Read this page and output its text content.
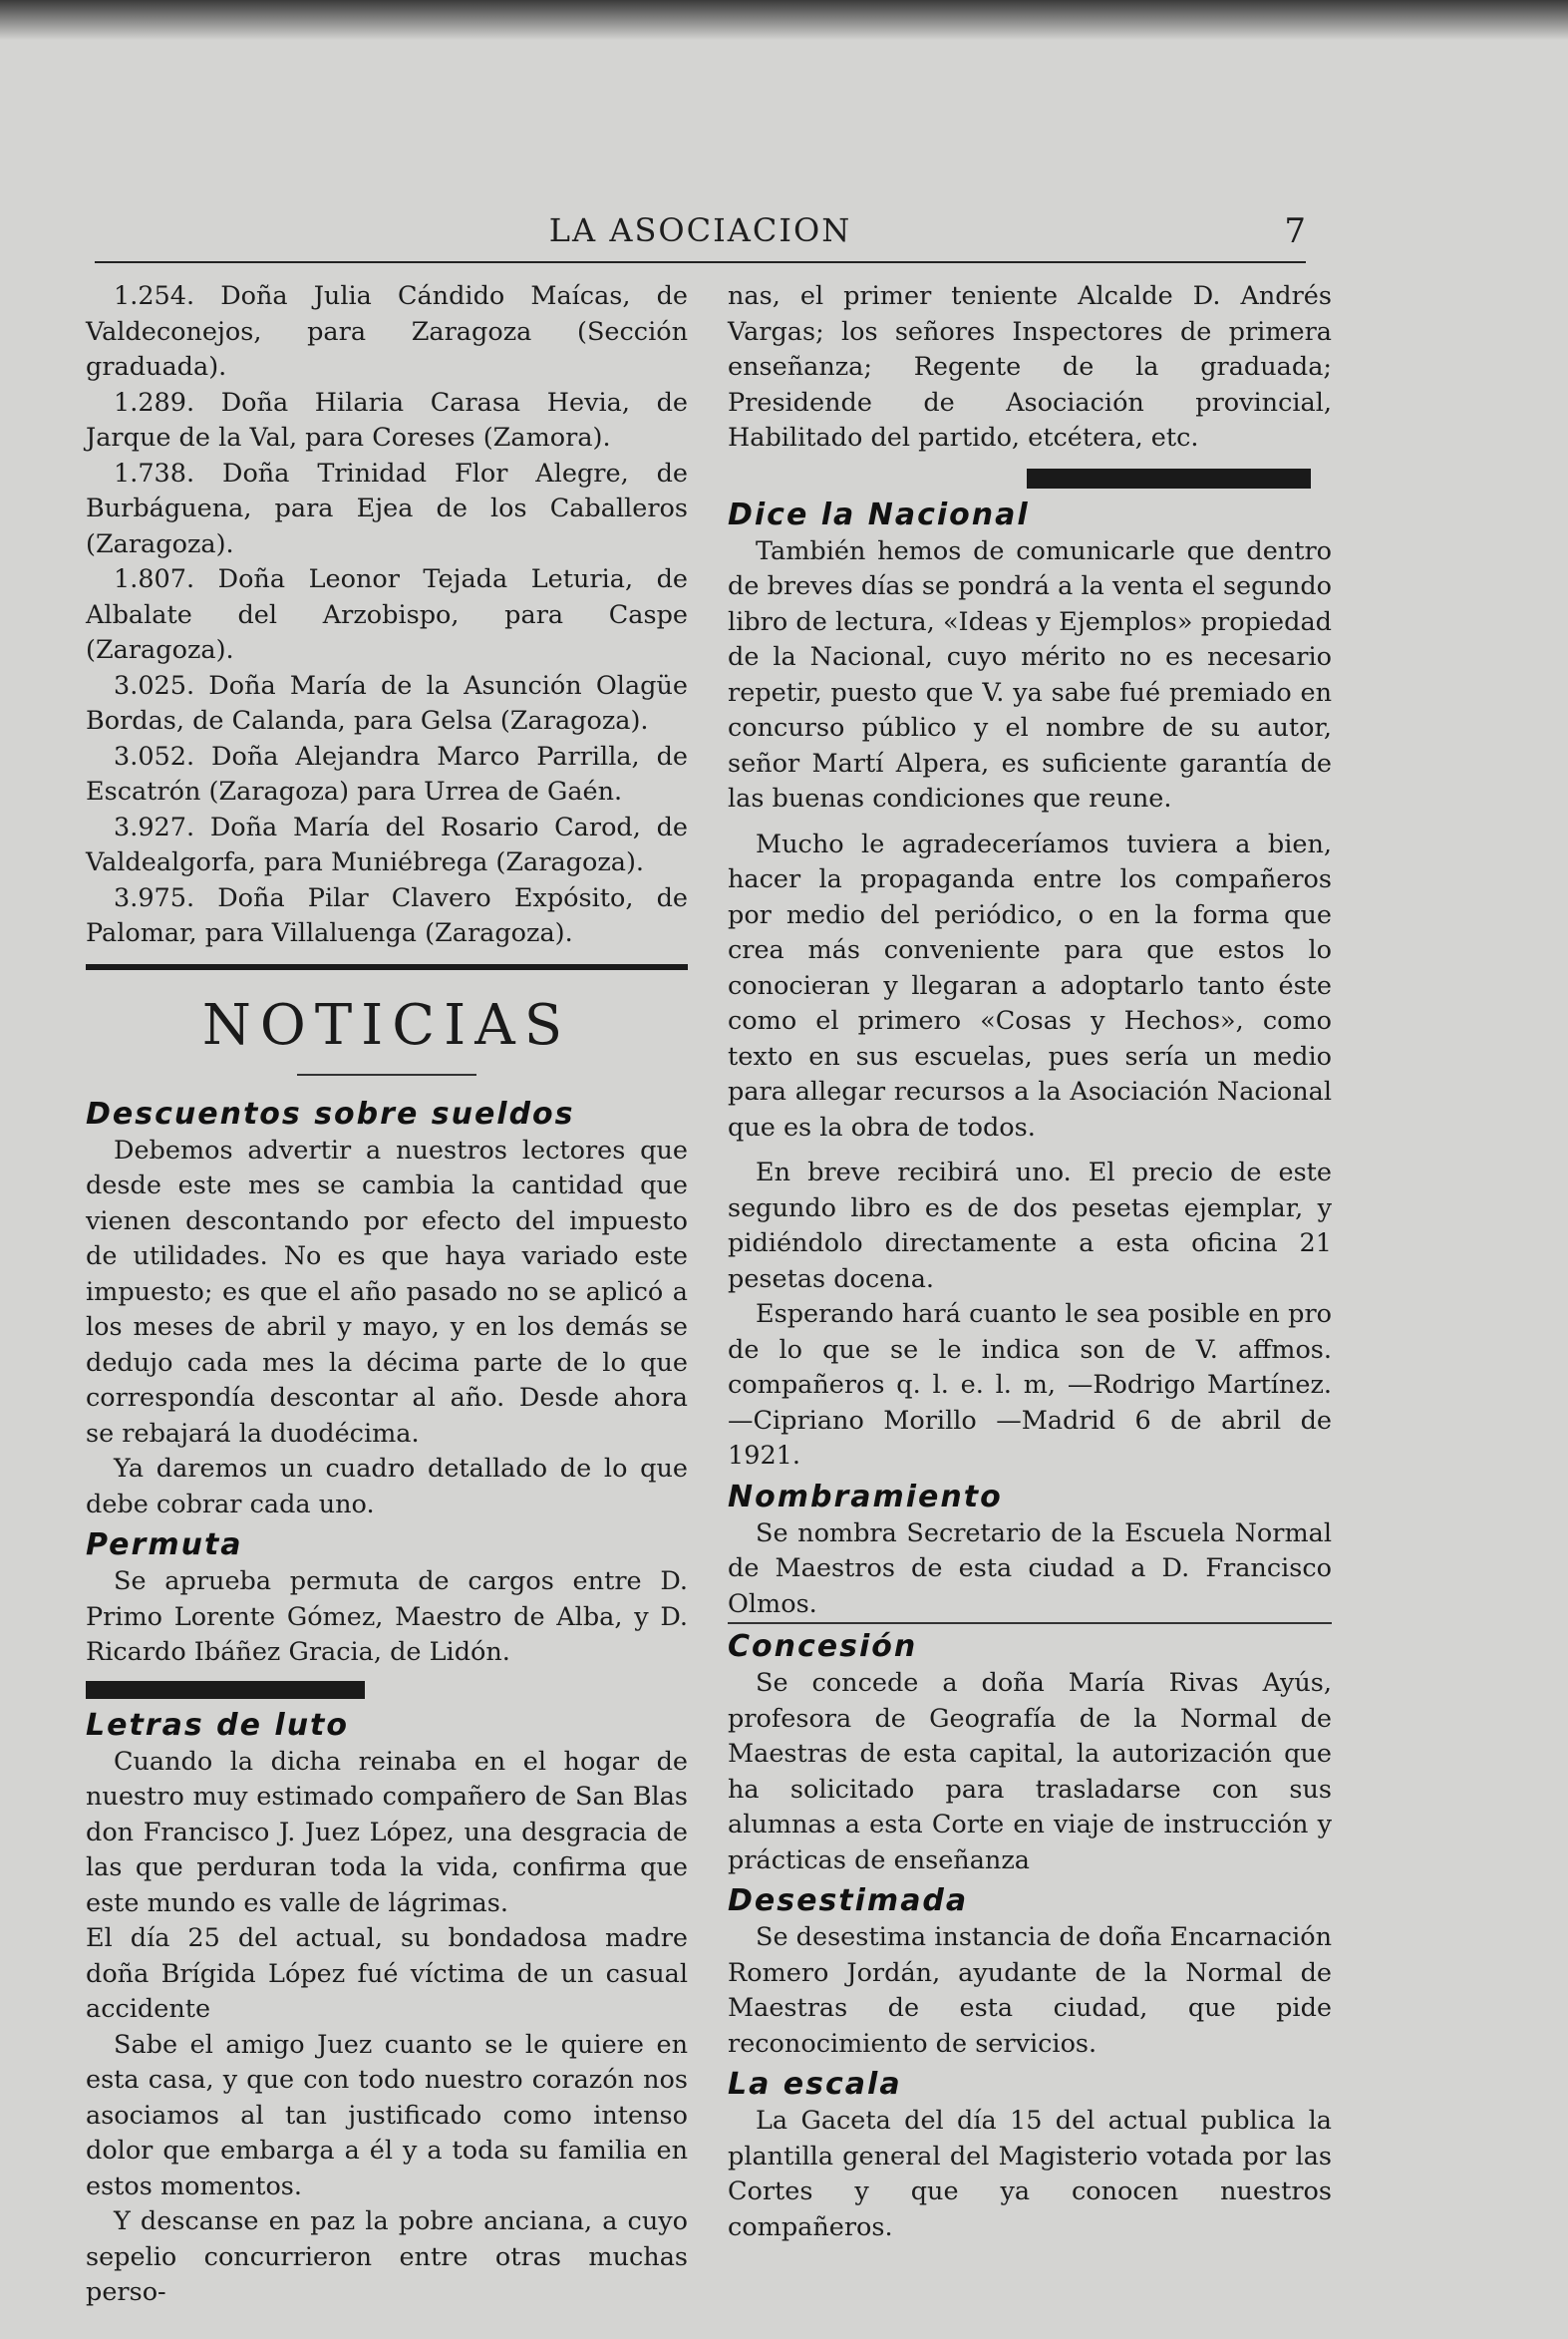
LA ASOCIACION	7

1.254. Doña Julia Cándido Maícas, de Valdeconejos, para Zaragoza (Sección graduada).

1.289. Doña Hilaria Carasa Hevia, de Jarque de la Val, para Coreses (Zamora).

1.738. Doña Trinidad Flor Alegre, de Burbáguena, para Ejea de los Caballeros (Zaragoza).

1.807. Doña Leonor Tejada Leturia, de Albalate del Arzobispo, para Caspe (Zaragoza).

3.025. Doña María de la Asunción Olagüe Bordas, de Calanda, para Gelsa (Zaragoza).

3.052. Doña Alejandra Marco Parrilla, de Escatrón (Zaragoza) para Urrea de Gaén.

3.927. Doña María del Rosario Carod, de Valdealgorfa, para Muniébrega (Zaragoza).

3.975. Doña Pilar Clavero Expósito, de Palomar, para Villaluenga (Zaragoza).

NOTICIAS
Descuentos sobre sueldos

Debemos advertir a nuestros lectores que desde este mes se cambia la cantidad que vienen descontando por efecto del impuesto de utilidades. No es que haya variado este impuesto; es que el año pasado no se aplicó a los meses de abril y mayo, y en los demás se dedujo cada mes la décima parte de lo que correspondía descontar al año. Desde ahora se rebajará la duodécima.

Ya daremos un cuadro detallado de lo que debe cobrar cada uno.

Permuta

Se aprueba permuta de cargos entre D. Primo Lorente Gómez, Maestro de Alba, y D. Ricardo Ibáñez Gracia, de Lidón.

Letras de luto

Cuando la dicha reinaba en el hogar de nuestro muy estimado compañero de San Blas don Francisco J. Juez López, una desgracia de las que perduran toda la vida, confirma que este mundo es valle de lágrimas.

El día 25 del actual, su bondadosa madre doña Brígida López fué víctima de un casual accidente

Sabe el amigo Juez cuanto se le quiere en esta casa, y que con todo nuestro corazón nos asociamos al tan justificado como intenso dolor que embarga a él y a toda su familia en estos momentos.

Y descanse en paz la pobre anciana, a cuyo sepelio concurrieron entre otras muchas perso-

nas, el primer teniente Alcalde D. Andrés Vargas; los señores Inspectores de primera enseñanza; Regente de la graduada; Presidende de Asociación provincial, Habilitado del partido, etcétera, etc.

Dice la Nacional

También hemos de comunicarle que dentro de breves días se pondrá a la venta el segundo libro de lectura, «Ideas y Ejemplos» propiedad de la Nacional, cuyo mérito no es necesario repetir, puesto que V. ya sabe fué premiado en concurso público y el nombre de su autor, señor Martí Alpera, es suficiente garantía de las buenas condiciones que reune.

Mucho le agradeceríamos tuviera a bien, hacer la propaganda entre los compañeros por medio del periódico, o en la forma que crea más conveniente para que estos lo conocieran y llegaran a adoptarlo tanto éste como el primero «Cosas y Hechos», como texto en sus escuelas, pues sería un medio para allegar recursos a la Asociación Nacional que es la obra de todos.

En breve recibirá uno. El precio de este segundo libro es de dos pesetas ejemplar, y pidiéndolo directamente a esta oficina 21 pesetas docena.

Esperando hará cuanto le sea posible en pro de lo que se le indica son de V. affmos. compañeros q. l. e. l. m, —Rodrigo Martínez. —Cipriano Morillo —Madrid 6 de abril de 1921.

Nombramiento

Se nombra Secretario de la Escuela Normal de Maestros de esta ciudad a D. Francisco Olmos.

Concesión

Se concede a doña María Rivas Ayús, profesora de Geografía de la Normal de Maestras de esta capital, la autorización que ha solicitado para trasladarse con sus alumnas a esta Corte en viaje de instrucción y prácticas de enseñanza

Desestimada

Se desestima instancia de doña Encarnación Romero Jordán, ayudante de la Normal de Maestras de esta ciudad, que pide reconocimiento de servicios.

La escala

La Gaceta del día 15 del actual publica la plantilla general del Magisterio votada por las Cortes y que ya conocen nuestros compañeros.
